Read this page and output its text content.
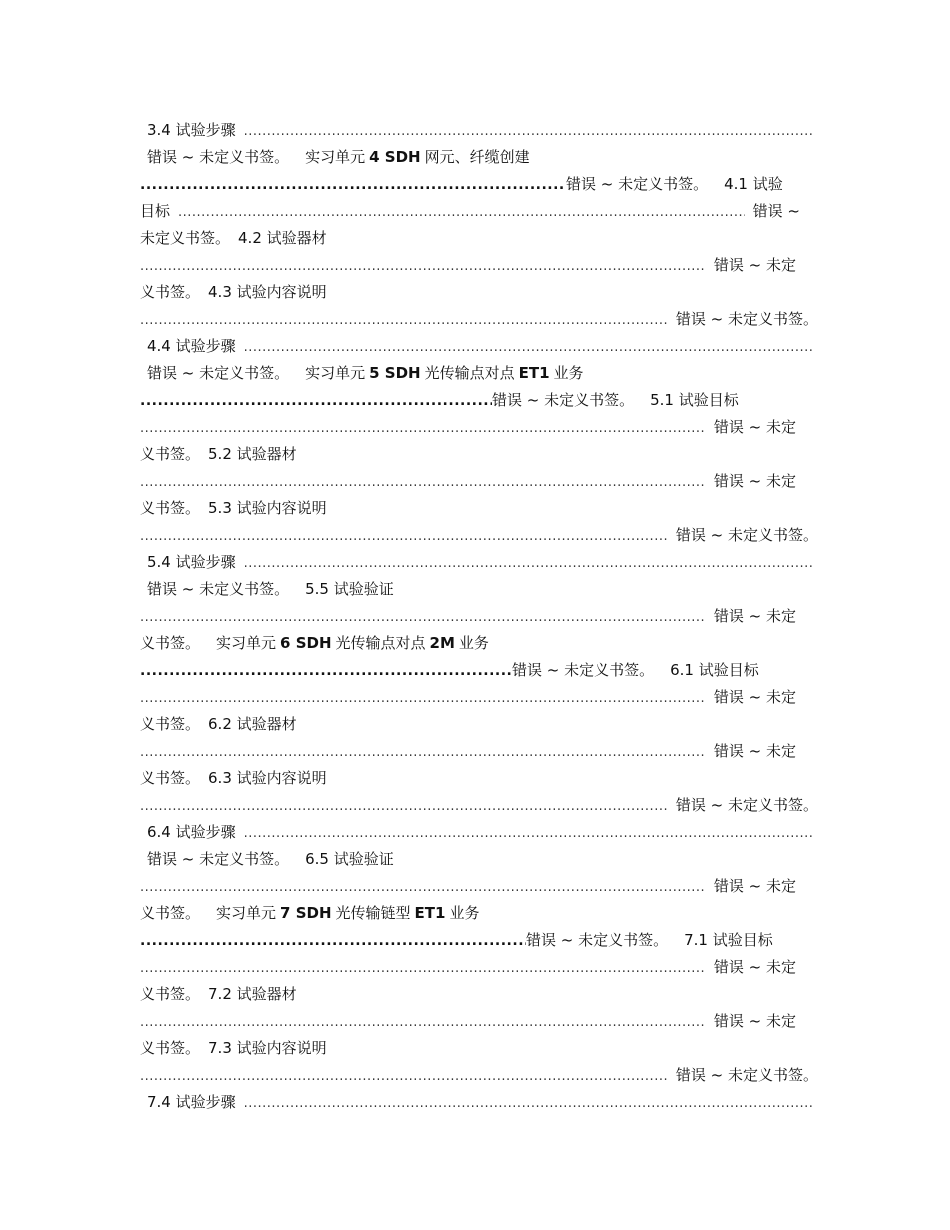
3.4 试验步骤
.....
错误 ~ 未定义书签。 实习单元 4 SDH 网元、纤缆创建
.....
错误 ~ 未定义书签。 4.1 试验
目标
.....	错误 ~
未定义书签。 4.2 试验器材
.....
错误 ~ 未定
义书签。 4.3 试验内容说明
.....
错误 ~ 未定义书签。
4.4 试验步骤
.....
错误 ~ 未定义书签。 实习单元 5 SDH 光传输点对点 ET1 业务
.....
错误 ~ 未定义书签。 5.1 试验目标
.....
错误 ~ 未定
义书签。 5.2 试验器材
.....
错误 ~ 未定
义书签。 5.3 试验内容说明
.....
错误 ~ 未定义书签。
5.4 试验步骤
.....
错误 ~ 未定义书签。 5.5 试验验证
.....
错误 ~ 未定
义书签。 实习单元 6 SDH 光传输点对点 2M 业务
.....
错误 ~ 未定义书签。 6.1 试验目标
.....
错误 ~ 未定
义书签。 6.2 试验器材
.....
错误 ~ 未定
义书签。 6.3 试验内容说明
.....
错误 ~ 未定义书签。
6.4 试验步骤
.....
错误 ~ 未定义书签。 6.5 试验验证
.....
错误 ~ 未定
义书签。 实习单元 7 SDH 光传输链型 ET1 业务
.....
错误 ~ 未定义书签。 7.1 试验目标
.....
错误 ~ 未定
义书签。 7.2 试验器材
.....
错误 ~ 未定
义书签。 7.3 试验内容说明
.....
错误 ~ 未定义书签。
7.4 试验步骤
.....
